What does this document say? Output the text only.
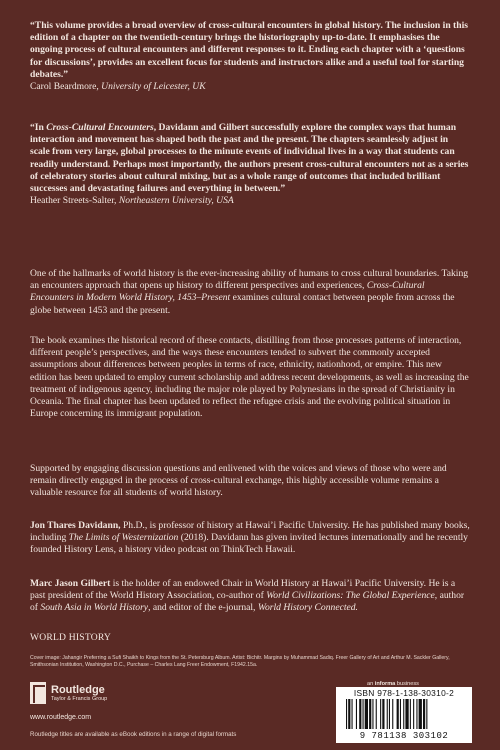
“This volume provides a broad overview of cross-cultural encounters in global history. The inclusion in this edition of a chapter on the twentieth-century brings the historiography up-to-date. It emphasises the ongoing process of cultural encounters and different responses to it. Ending each chapter with a ‘questions for discussions’, provides an excellent focus for students and instructors alike and a useful tool for starting debates.”

Carol Beardmore, University of Leicester, UK

“In Cross-Cultural Encounters, Davidann and Gilbert successfully explore the complex ways that human interaction and movement has shaped both the past and the present. The chapters seamlessly adjust in scale from very large, global processes to the minute events of individual lives in a way that students can readily understand. Perhaps most importantly, the authors present cross-cultural encounters not as a series of celebratory stories about cultural mixing, but as a whole range of outcomes that included brilliant successes and devastating failures and everything in between.”

Heather Streets-Salter, Northeastern University, USA

One of the hallmarks of world history is the ever-increasing ability of humans to cross cultural boundaries. Taking an encounters approach that opens up history to different perspectives and experiences, Cross-Cultural Encounters in Modern World History, 1453–Present examines cultural contact between people from across the globe between 1453 and the present.

The book examines the historical record of these contacts, distilling from those processes patterns of interaction, different people’s perspectives, and the ways these encounters tended to subvert the commonly accepted assumptions about differences between peoples in terms of race, ethnicity, nationhood, or empire. This new edition has been updated to employ current scholarship and address recent developments, as well as increasing the treatment of indigenous agency, including the major role played by Polynesians in the spread of Christianity in Oceania. The final chapter has been updated to reflect the refugee crisis and the evolving political situation in Europe concerning its immigrant population.

Supported by engaging discussion questions and enlivened with the voices and views of those who were and remain directly engaged in the process of cross-cultural exchange, this highly accessible volume remains a valuable resource for all students of world history.

Jon Thares Davidann, Ph.D., is professor of history at Hawai’i Pacific University. He has published many books, including The Limits of Westernization (2018). Davidann has given invited lectures internationally and he recently founded History Lens, a history video podcast on ThinkTech Hawaii.

Marc Jason Gilbert is the holder of an endowed Chair in World History at Hawai’i Pacific University. He is a past president of the World History Association, co-author of World Civilizations: The Global Experience, author of South Asia in World History, and editor of the e-journal, World History Connected.

WORLD HISTORY
Cover image: Jahangir Preferring a Sufi Shaikh to Kings from the St. Petersburg Album. Artist: Bichitr. Margins by Muhammad Sadiq. Freer Gallery of Art and Arthur M. Sackler Gallery, Smithsonian Institution, Washington D.C., Purchase – Charles Lang Freer Endowment, F1942.15a.
Routledge
Taylor & Francis Group
www.routledge.com
Routledge titles are available as eBook editions in a range of digital formats
an informa business
ISBN 978-1-138-30310-2
9 781138 303102
